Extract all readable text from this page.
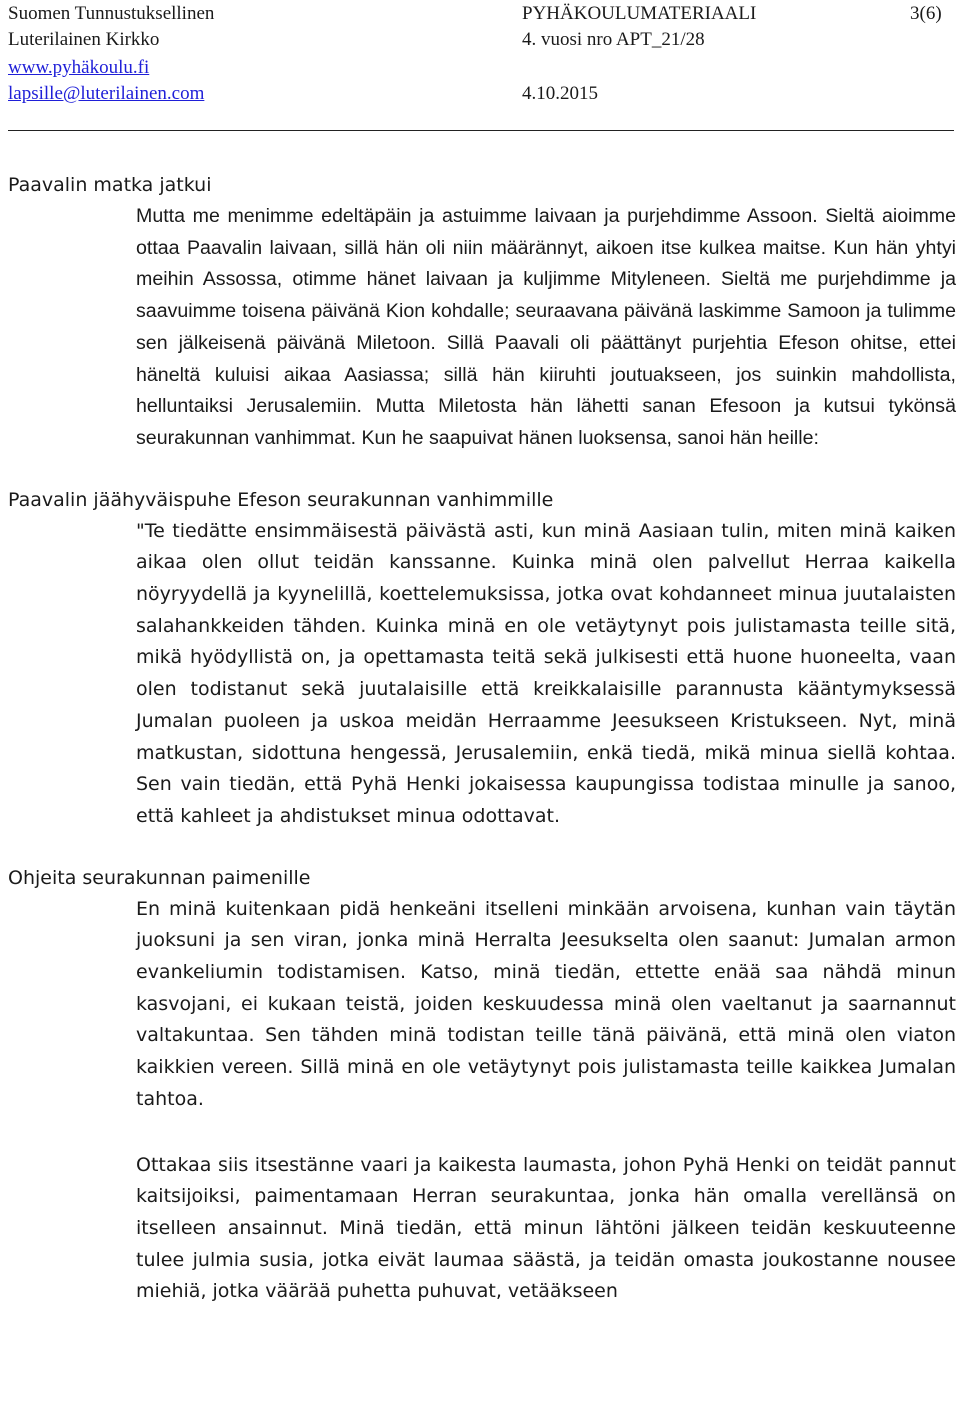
Suomen Tunnustuksellinen	PYHÄKOULUMATERIAALI	3(6)
Luterilainen Kirkko	4. vuosi nro APT_21/28
www.pyhäkoulu.fi
lapsille@luterilainen.com	4.10.2015

Paavalin matka jatkui

Mutta me menimme edeltäpäin ja astuimme laivaan ja purjehdimme Assoon. Sieltä aioimme ottaa Paavalin laivaan, sillä hän oli niin määrännyt, aikoen itse kulkea maitse. Kun hän yhtyi meihin Assossa, otimme hänet laivaan ja kuljimme Mityleneen. Sieltä me purjehdimme ja saavuimme toisena päivänä Kion kohdalle; seuraavana päivänä laskimme Samoon ja tulimme sen jälkeisenä päivänä Miletoon. Sillä Paavali oli päättänyt purjehtia Efeson ohitse, ettei häneltä kuluisi aikaa Aasiassa; sillä hän kiiruhti joutuakseen, jos suinkin mahdollista, helluntaiksi Jerusalemiin. Mutta Miletosta hän lähetti sanan Efesoon ja kutsui tykönsä seurakunnan vanhimmat. Kun he saapuivat hänen luoksensa, sanoi hän heille:

Paavalin jäähyväispuhe Efeson seurakunnan vanhimmille

"Te tiedätte ensimmäisestä päivästä asti, kun minä Aasiaan tulin, miten minä kaiken aikaa olen ollut teidän kanssanne. Kuinka minä olen palvellut Herraa kaikella nöyryydellä ja kyynelillä, koettelemuksissa, jotka ovat kohdanneet minua juutalaisten salahankkeiden tähden. Kuinka minä en ole vetäytynyt pois julistamasta teille sitä, mikä hyödyllistä on, ja opettamasta teitä sekä julkisesti että huone huoneelta, vaan olen todistanut sekä juutalaisille että kreikkalaisille parannusta kääntymyksessä Jumalan puoleen ja uskoa meidän Herraamme Jeesukseen Kristukseen. Nyt, minä matkustan, sidottuna hengessä, Jerusalemiin, enkä tiedä, mikä minua siellä kohtaa. Sen vain tiedän, että Pyhä Henki jokaisessa kaupungissa todistaa minulle ja sanoo, että kahleet ja ahdistukset minua odottavat.

Ohjeita seurakunnan paimenille

En minä kuitenkaan pidä henkeäni itselleni minkään arvoisena, kunhan vain täytän juoksuni ja sen viran, jonka minä Herralta Jeesukselta olen saanut: Jumalan armon evankeliumin todistamisen. Katso, minä tiedän, ettette enää saa nähdä minun kasvojani, ei kukaan teistä, joiden keskuudessa minä olen vaeltanut ja saarnannut valtakuntaa. Sen tähden minä todistan teille tänä päivänä, että minä olen viaton kaikkien vereen. Sillä minä en ole vetäytynyt pois julistamasta teille kaikkea Jumalan tahtoa.

Ottakaa siis itsestänne vaari ja kaikesta laumasta, johon Pyhä Henki on teidät pannut kaitsijoiksi, paimentamaan Herran seurakuntaa, jonka hän omalla verellänsä on itselleen ansainnut. Minä tiedän, että minun lähtöni jälkeen teidän keskuuteenne tulee julmia susia, jotka eivät laumaa säästä, ja teidän omasta joukostanne nousee miehiä, jotka väärää puhetta puhuvat, vetääkseen
